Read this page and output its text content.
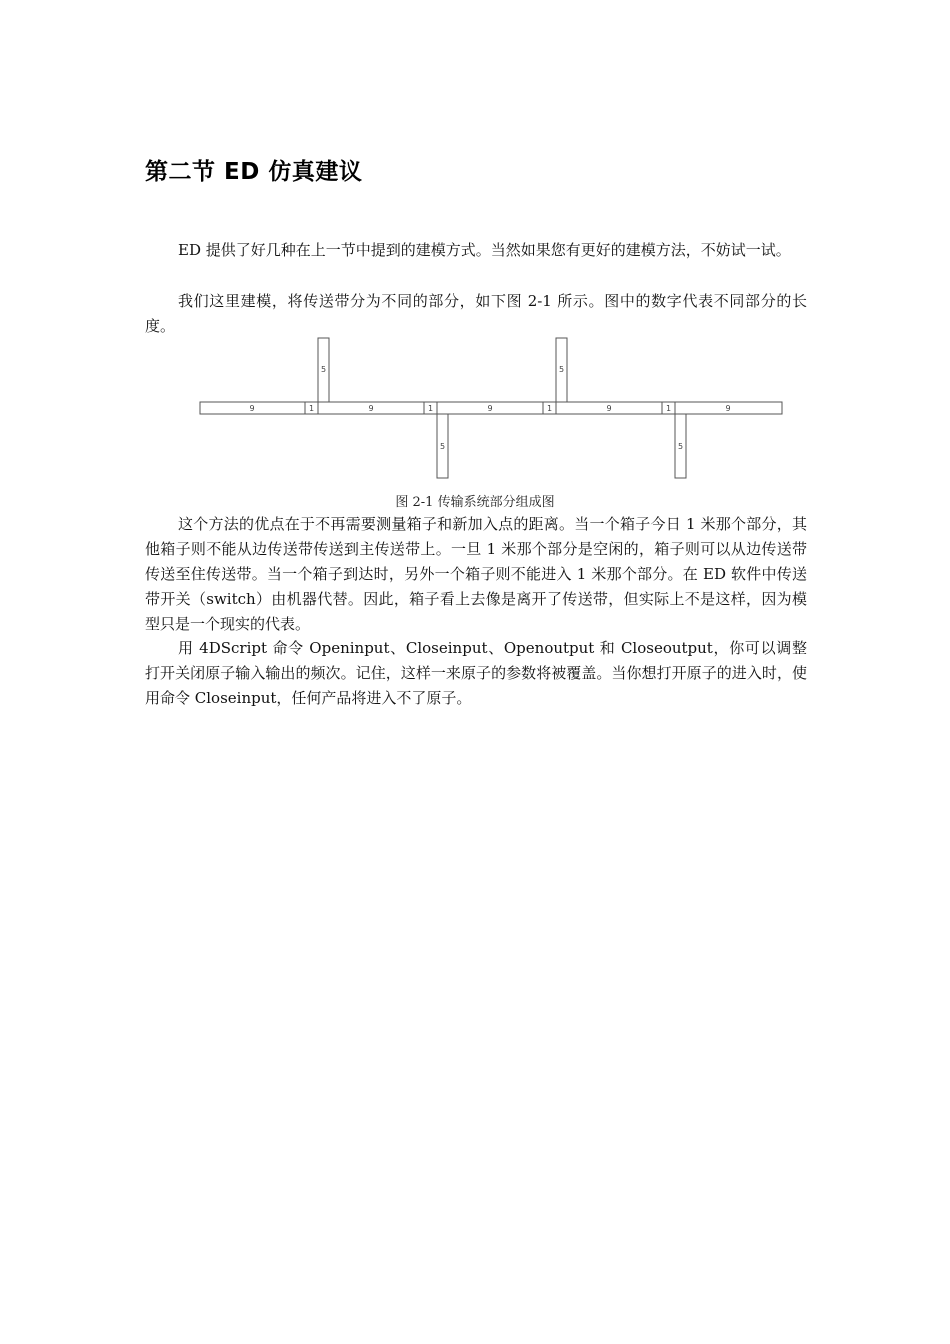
第二节 ED 仿真建议

ED 提供了好几种在上一节中提到的建模方式。当然如果您有更好的建模方法，不妨试一试。

我们这里建模，将传送带分为不同的部分，如下图 2-1 所示。图中的数字代表不同部分的长度。

9	1	9	1	9	1	9	1	9
5
5
5
5

图 2-1 传输系统部分组成图

这个方法的优点在于不再需要测量箱子和新加入点的距离。当一个箱子今日 1 米那个部分，其他箱子则不能从边传送带传送到主传送带上。一旦 1 米那个部分是空闲的，箱子则可以从边传送带传送至住传送带。当一个箱子到达时，另外一个箱子则不能进入 1 米那个部分。在 ED 软件中传送带开关（switch）由机器代替。因此，箱子看上去像是离开了传送带，但实际上不是这样，因为模型只是一个现实的代表。

用 4DScript 命令 Openinput、Closeinput、Openoutput 和 Closeoutput，你可以调整打开关闭原子输入输出的频次。记住，这样一来原子的参数将被覆盖。当你想打开原子的进入时，使用命令 Closeinput，任何产品将进入不了原子。
